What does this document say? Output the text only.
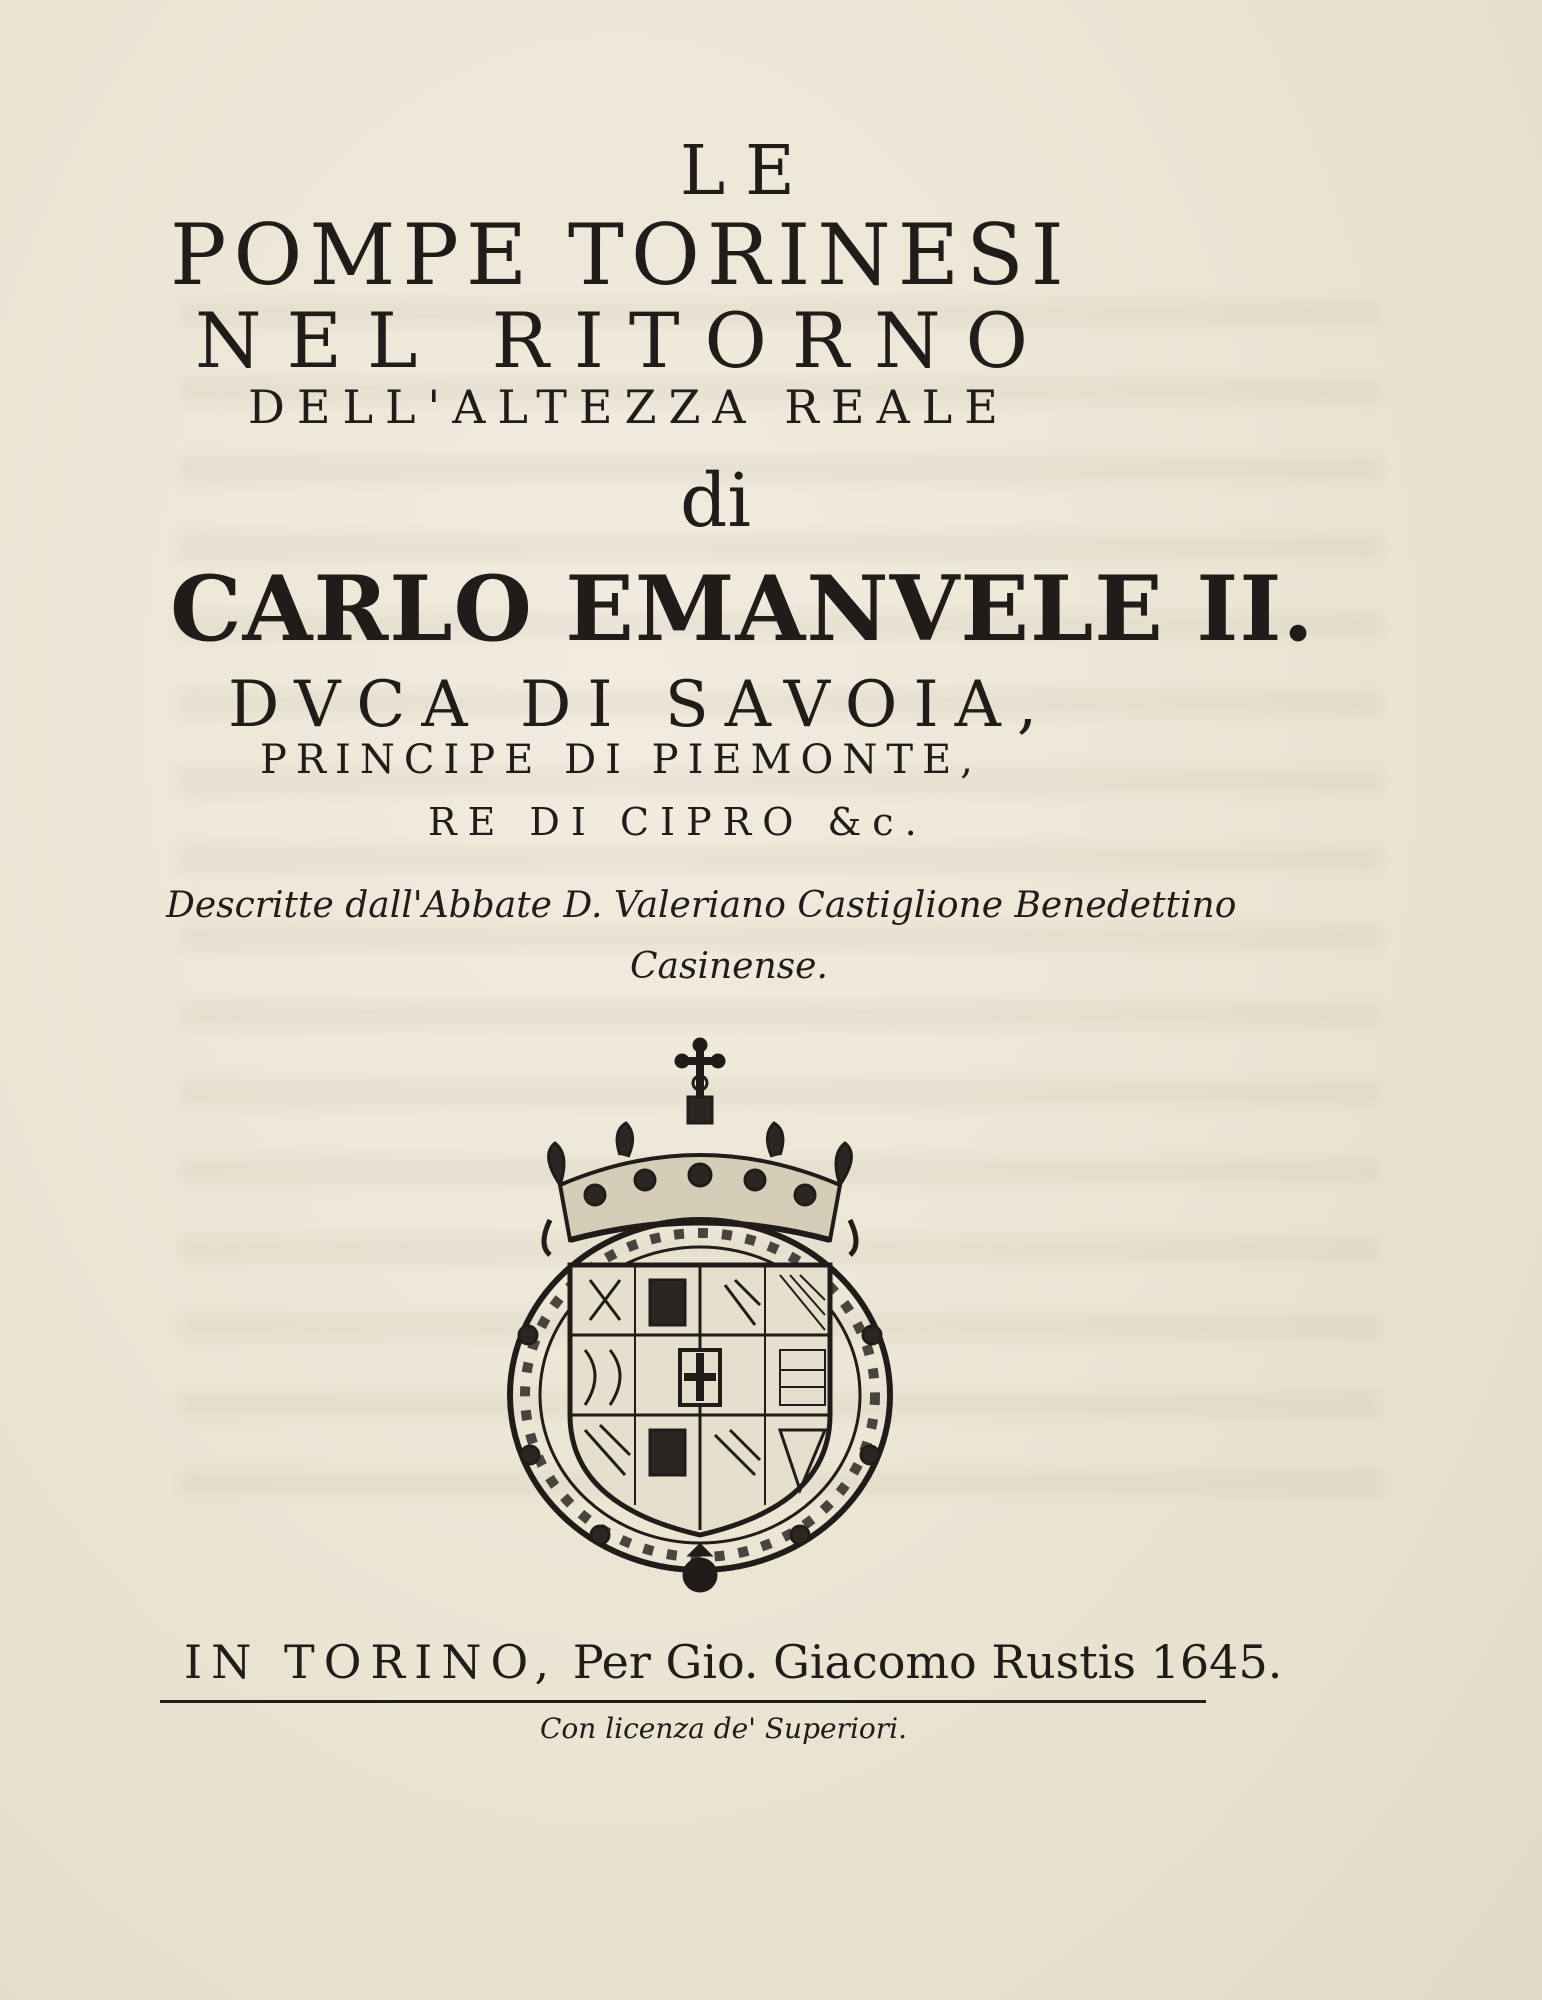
LE
POMPE TORINESI
NEL RITORNO
DELL'ALTEZZA REALE
di
CARLO EMANVELE II.
DVCA DI SAVOIA,
PRINCIPE DI PIEMONTE,
RE DI CIPRO &c.
Descritte dall'Abbate D. Valeriano Castiglione Benedettino
Casinense.
IN TORINO, Per Gio. Giacomo Rustis 1645.
Con licenza de' Superiori.
